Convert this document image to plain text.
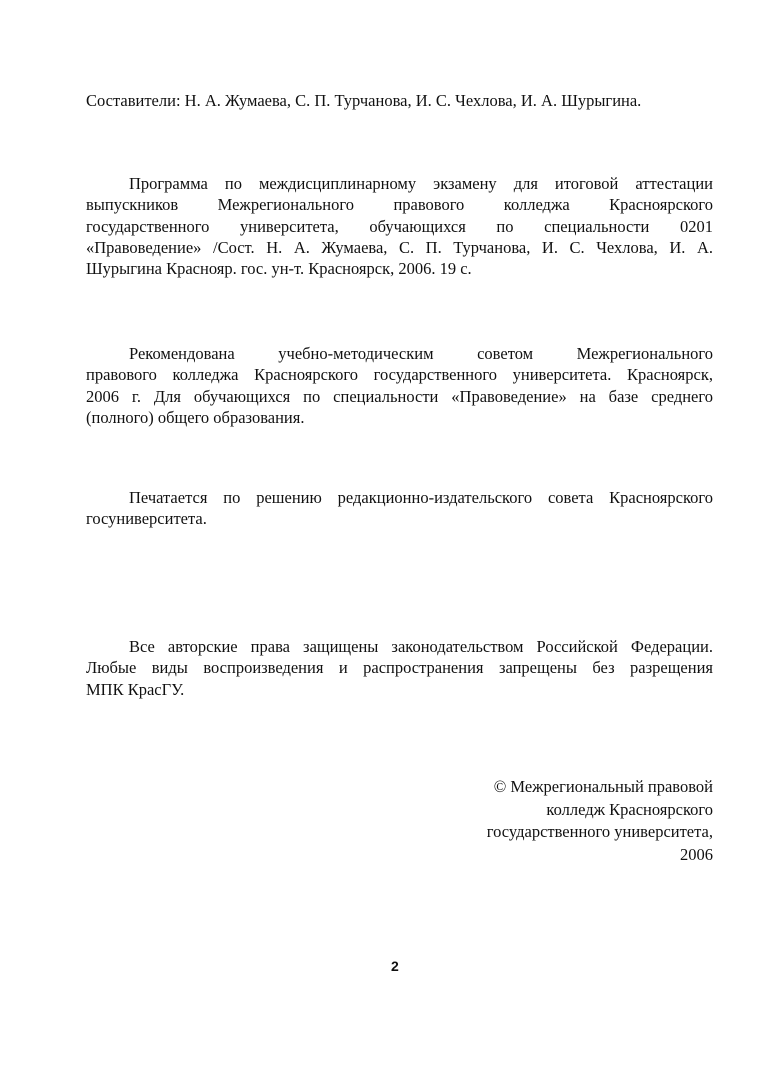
Составители: Н. А. Жумаева, С. П. Турчанова, И. С. Чехлова, И. А. Шурыгина.
Программа по междисциплинарному экзамену для итоговой аттестации
выпускников Межрегионального правового колледжа Красноярского
государственного университета, обучающихся по специальности 0201
«Правоведение» /Сост. Н. А. Жумаева, С. П. Турчанова, И. С. Чехлова, И. А.
Шурыгина Краснояр. гос. ун-т. Красноярск, 2006. 19 с.
Рекомендована учебно-методическим советом Межрегионального
правового колледжа Красноярского государственного университета. Красноярск,
2006 г. Для обучающихся по специальности «Правоведение» на базе среднего
(полного) общего образования.
Печатается по решению редакционно-издательского совета Красноярского
госуниверситета.
Все авторские права защищены законодательством Российской Федерации.
Любые виды воспроизведения и распространения запрещены без разрещения
МПК КрасГУ.
© Межрегиональный правовой
колледж Красноярского
государственного университета,
2006
2
